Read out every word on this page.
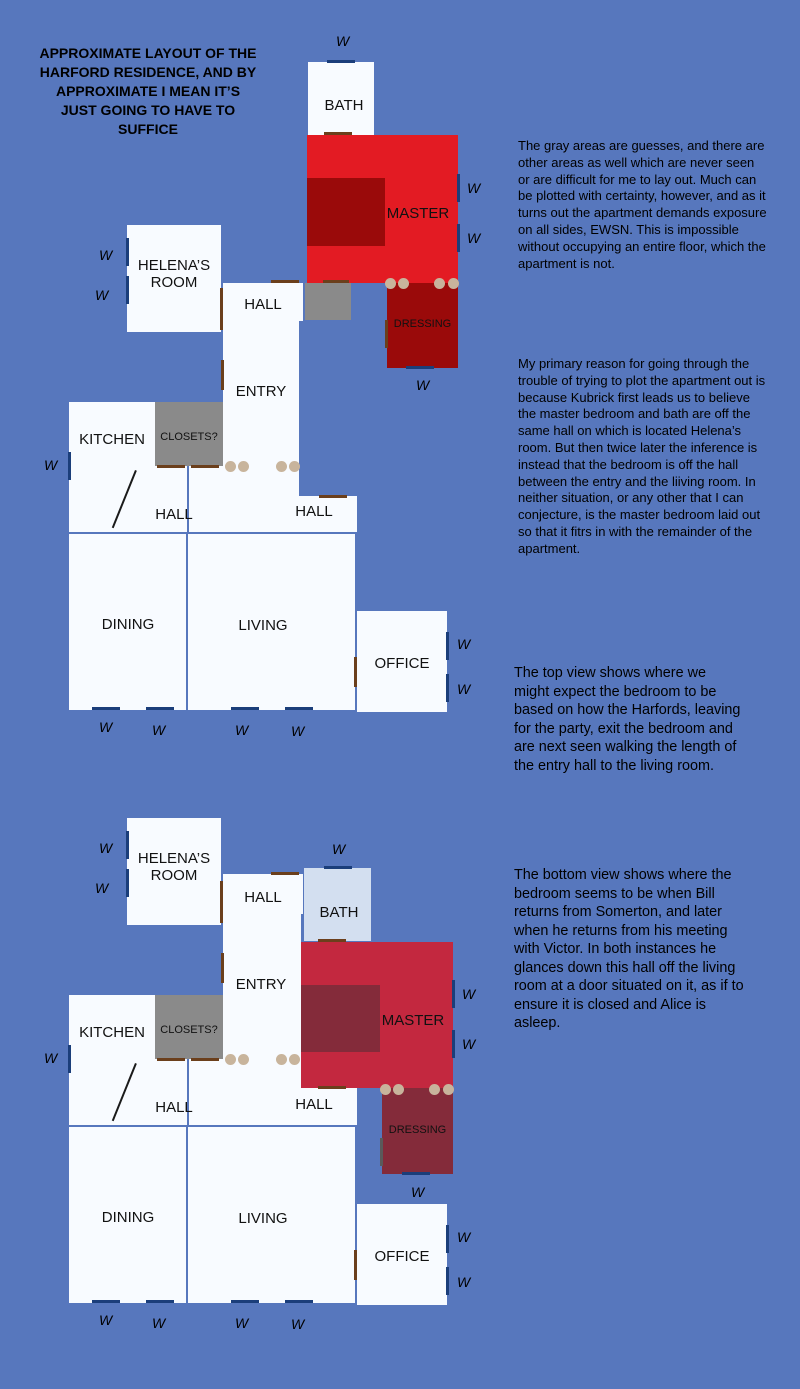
APPROXIMATE LAYOUT OF THE HARFORD RESIDENCE, AND BY APPROXIMATE I MEAN IT’S JUST GOING TO HAVE TO SUFFICE
The gray areas are guesses, and there are other areas as well which are never seen or are difficult for me to lay out. Much can be plotted with certainty, however, and as it turns out the apartment demands exposure on all sides, EWSN. This is impossible without occupying an entire floor, which the apartment is not.
My primary reason for going through the trouble of trying to plot the apartment out is because Kubrick first leads us to believe the master bedroom and bath are off the same hall on which is located Helena’s room. But then twice later the inference is instead that the bedroom is off the hall between the entry and the liiving room. In neither situation, or any other that I can conjecture, is the master bedroom laid out so that it fitrs in with the remainder of the apartment.
The top view shows where we might expect the bedroom to be based on how the Harfords, leaving for the party, exit the bedroom and are next seen walking the length of the entry hall to the living room.
The bottom view shows where the bedroom seems to be when Bill returns from Somerton, and later when he returns from his meeting with Victor. In both instances he glances down this hall off the living room at a door situated on it, as if to ensure it is closed and Alice is asleep.
HELENA’S ROOM
HALL
ENTRY
KITCHEN	CLOSETS?
HALL	HALL
DINING	LIVING
OFFICE
BATH
MASTER
DRESSING
W
W
W
W
W
W
W
W	W	W	W
W
W
HELENA’S ROOM
HALL
BATH
ENTRY
KITCHEN	CLOSETS?
HALL	HALL
DINING	LIVING
OFFICE
MASTER
DRESSING
W
W
W
W
W
W
W
W	W	W	W
W
W
